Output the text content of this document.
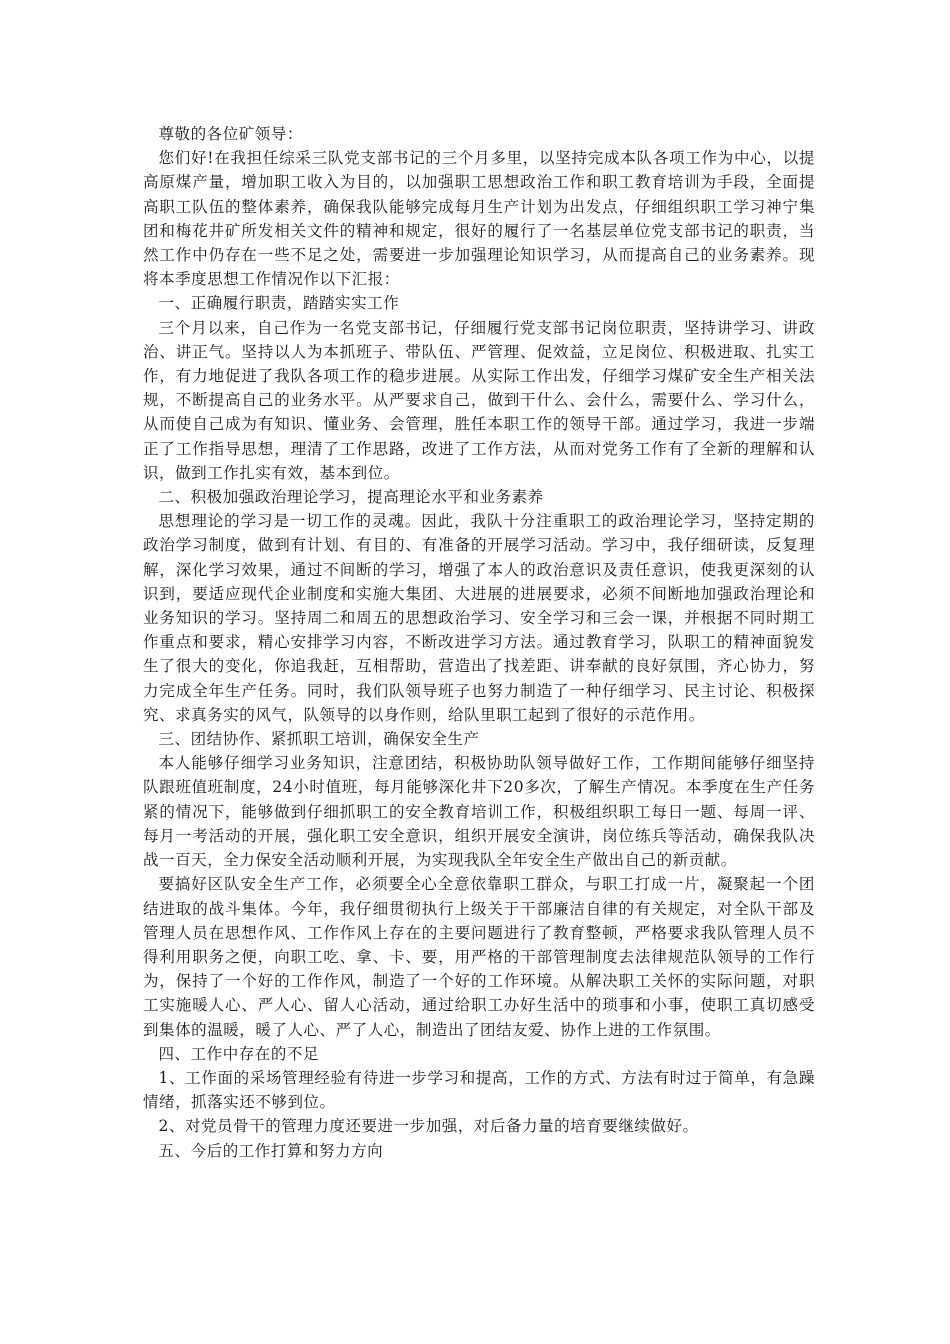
尊敬的各位矿领导：

您们好!在我担任综采三队党支部书记的三个月多里，以坚持完成本队各项工作为中心，以提高原煤产量，增加职工收入为目的，以加强职工思想政治工作和职工教育培训为手段，全面提高职工队伍的整体素养，确保我队能够完成每月生产计划为出发点，仔细组织职工学习神宁集团和梅花井矿所发相关文件的精神和规定，很好的履行了一名基层单位党支部书记的职责，当然工作中仍存在一些不足之处，需要进一步加强理论知识学习，从而提高自己的业务素养。现将本季度思想工作情况作以下汇报：

一、正确履行职责，踏踏实实工作

三个月以来，自己作为一名党支部书记，仔细履行党支部书记岗位职责，坚持讲学习、讲政治、讲正气。坚持以人为本抓班子、带队伍、严管理、促效益，立足岗位、积极进取、扎实工作，有力地促进了我队各项工作的稳步进展。从实际工作出发，仔细学习煤矿安全生产相关法规，不断提高自己的业务水平。从严要求自己，做到干什么、会什么，需要什么、学习什么，从而使自己成为有知识、懂业务、会管理，胜任本职工作的领导干部。通过学习，我进一步端正了工作指导思想，理清了工作思路，改进了工作方法，从而对党务工作有了全新的理解和认识，做到工作扎实有效，基本到位。

二、积极加强政治理论学习，提高理论水平和业务素养

思想理论的学习是一切工作的灵魂。因此，我队十分注重职工的政治理论学习，坚持定期的政治学习制度，做到有计划、有目的、有准备的开展学习活动。学习中，我仔细研读，反复理解，深化学习效果，通过不间断的学习，增强了本人的政治意识及责任意识，使我更深刻的认识到，要适应现代企业制度和实施大集团、大进展的进展要求，必须不间断地加强政治理论和业务知识的学习。坚持周二和周五的思想政治学习、安全学习和三会一课，并根据不同时期工作重点和要求，精心安排学习内容，不断改进学习方法。通过教育学习，队职工的精神面貌发生了很大的变化，你追我赶，互相帮助，营造出了找差距、讲奉献的良好氛围，齐心协力，努力完成全年生产任务。同时，我们队领导班子也努力制造了一种仔细学习、民主讨论、积极探究、求真务实的风气，队领导的以身作则，给队里职工起到了很好的示范作用。

三、团结协作、紧抓职工培训，确保安全生产

本人能够仔细学习业务知识，注意团结，积极协助队领导做好工作，工作期间能够仔细坚持队跟班值班制度，24小时值班，每月能够深化井下20多次，了解生产情况。本季度在生产任务紧的情况下，能够做到仔细抓职工的安全教育培训工作，积极组织职工每日一题、每周一评、每月一考活动的开展，强化职工安全意识，组织开展安全演讲，岗位练兵等活动，确保我队决战一百天，全力保安全活动顺利开展，为实现我队全年安全生产做出自己的新贡献。

要搞好区队安全生产工作，必须要全心全意依靠职工群众，与职工打成一片，凝聚起一个团结进取的战斗集体。今年，我仔细贯彻执行上级关于干部廉洁自律的有关规定，对全队干部及管理人员在思想作风、工作作风上存在的主要问题进行了教育整顿，严格要求我队管理人员不得利用职务之便，向职工吃、拿、卡、要，用严格的干部管理制度去法律规范队领导的工作行为，保持了一个好的工作作风，制造了一个好的工作环境。从解决职工关怀的实际问题，对职工实施暖人心、严人心、留人心活动，通过给职工办好生活中的琐事和小事，使职工真切感受到集体的温暖，暖了人心、严了人心，制造出了团结友爱、协作上进的工作氛围。

四、工作中存在的不足

1、工作面的采场管理经验有待进一步学习和提高，工作的方式、方法有时过于简单，有急躁情绪，抓落实还不够到位。

2、对党员骨干的管理力度还要进一步加强，对后备力量的培育要继续做好。

五、今后的工作打算和努力方向
